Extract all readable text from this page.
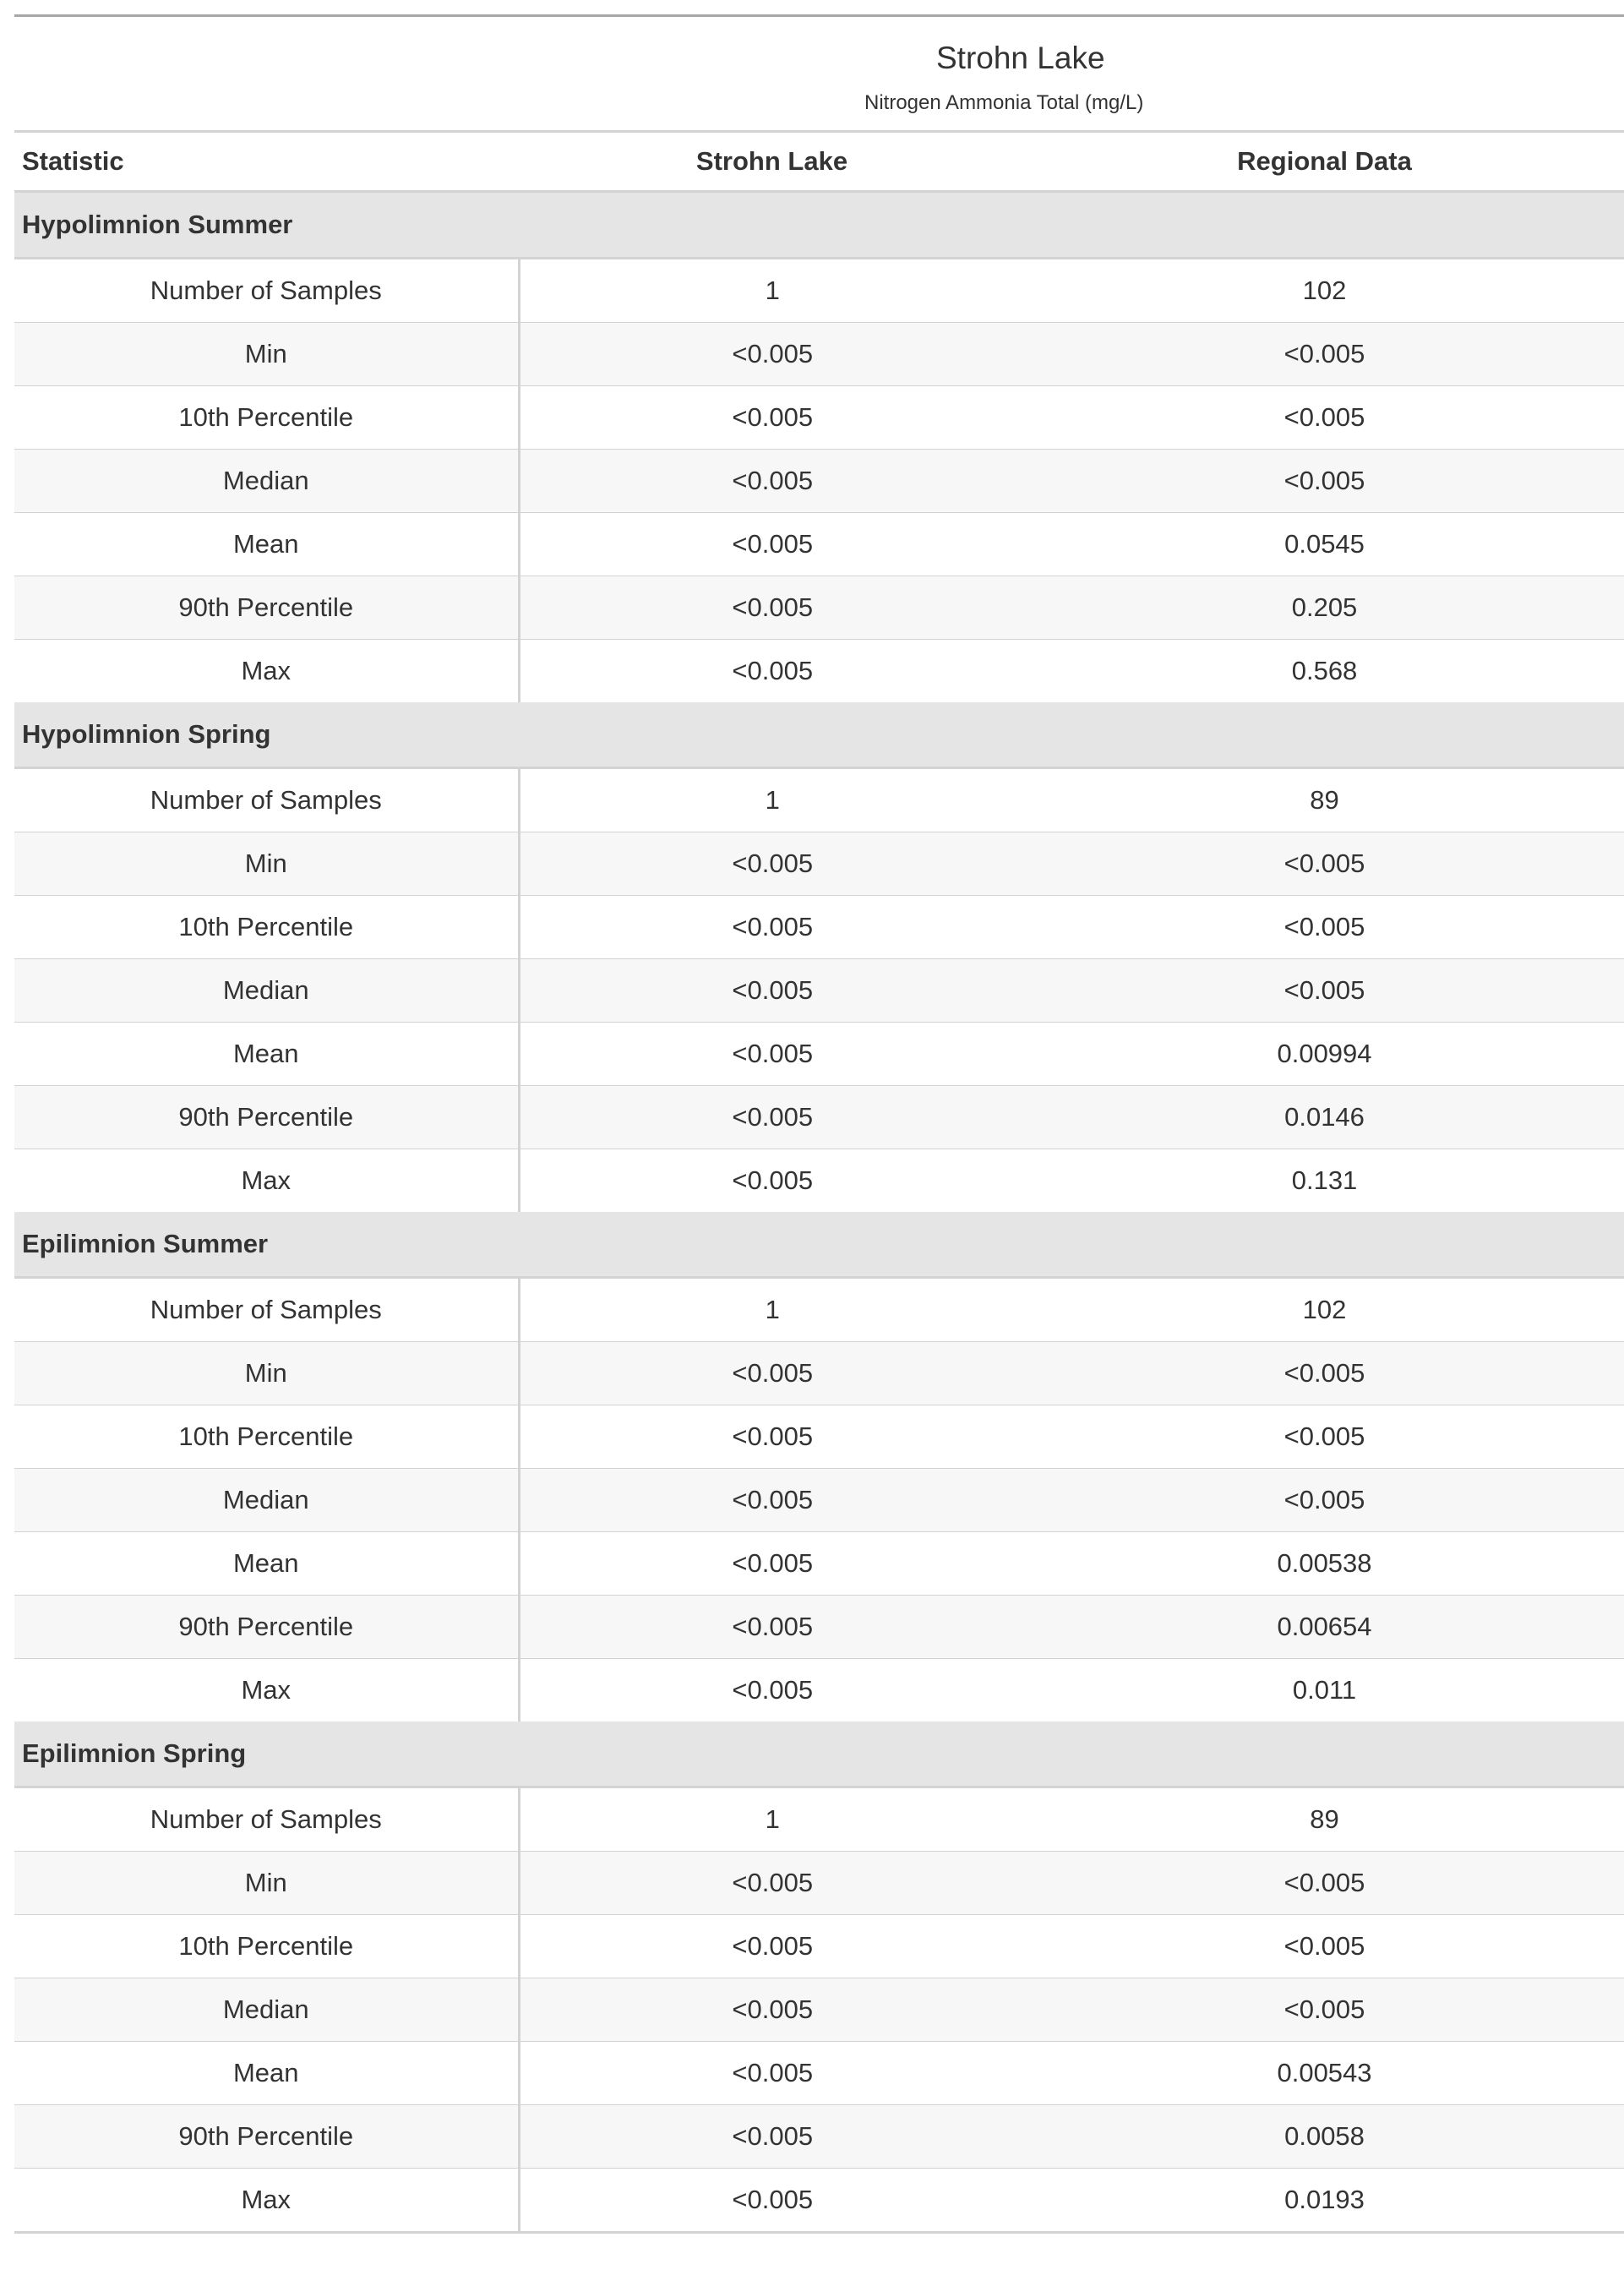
Strohn Lake		
Nitrogen Ammonia Total (mg/L)		
Statistic	Strohn Lake	Regional Data
Hypolimnion Summer		
Number of Samples	1	102
Min	<0.005	<0.005
10th Percentile	<0.005	<0.005
Median	<0.005	<0.005
Mean	<0.005	0.0545
90th Percentile	<0.005	0.205
Max	<0.005	0.568
Hypolimnion Spring		
Number of Samples	1	89
Min	<0.005	<0.005
10th Percentile	<0.005	<0.005
Median	<0.005	<0.005
Mean	<0.005	0.00994
90th Percentile	<0.005	0.0146
Max	<0.005	0.131
Epilimnion Summer		
Number of Samples	1	102
Min	<0.005	<0.005
10th Percentile	<0.005	<0.005
Median	<0.005	<0.005
Mean	<0.005	0.00538
90th Percentile	<0.005	0.00654
Max	<0.005	0.011
Epilimnion Spring		
Number of Samples	1	89
Min	<0.005	<0.005
10th Percentile	<0.005	<0.005
Median	<0.005	<0.005
Mean	<0.005	0.00543
90th Percentile	<0.005	0.0058
Max	<0.005	0.0193
